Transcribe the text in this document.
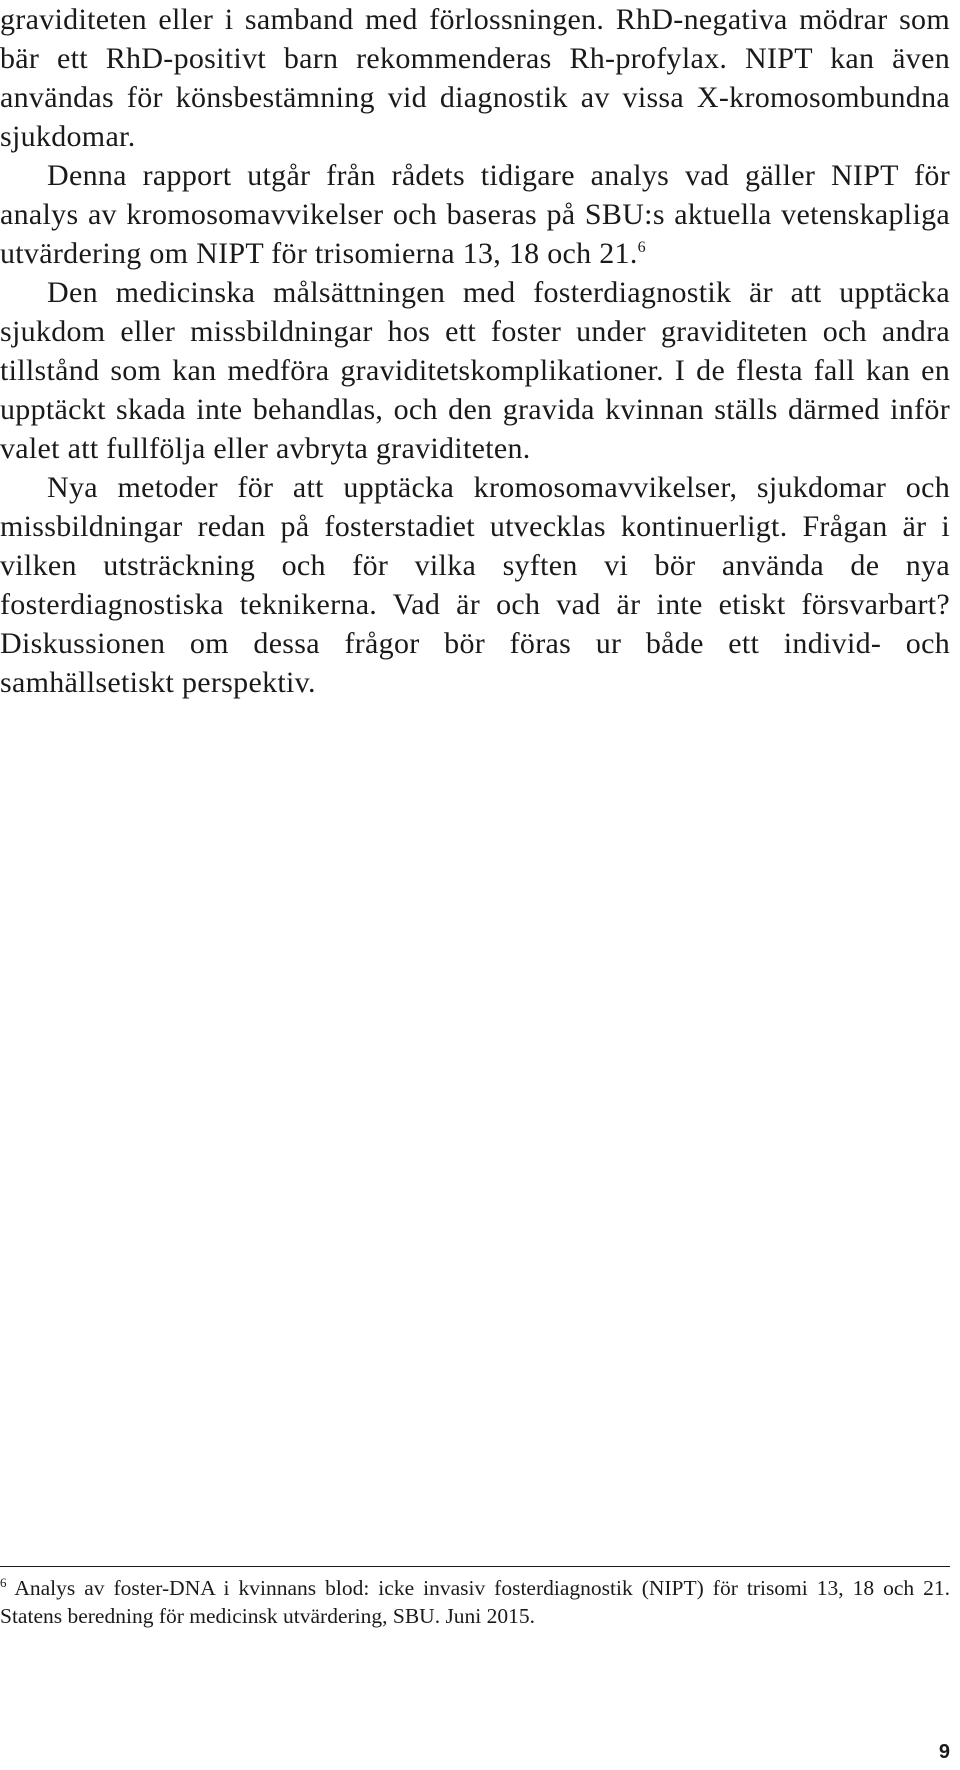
graviditeten eller i samband med förlossningen. RhD-negativa mödrar som bär ett RhD-positivt barn rekommenderas Rh-profylax. NIPT kan även användas för könsbestämning vid diagnostik av vissa X-kromosombundna sjukdomar.

Denna rapport utgår från rådets tidigare analys vad gäller NIPT för analys av kromosomavvikelser och baseras på SBU:s aktuella vetenskapliga utvärdering om NIPT för trisomierna 13, 18 och 21.$^6$

Den medicinska målsättningen med fosterdiagnostik är att upptäcka sjukdom eller missbildningar hos ett foster under graviditeten och andra tillstånd som kan medföra graviditetskomplikationer. I de flesta fall kan en upptäckt skada inte behandlas, och den gravida kvinnan ställs därmed inför valet att fullfölja eller avbryta graviditeten.

Nya metoder för att upptäcka kromosomavvikelser, sjukdomar och missbildningar redan på fosterstadiet utvecklas kontinuerligt. Frågan är i vilken utsträckning och för vilka syften vi bör använda de nya fosterdiagnostiska teknikerna. Vad är och vad är inte etiskt försvarbart? Diskussionen om dessa frågor bör föras ur både ett individ- och samhällsetiskt perspektiv.

$^6$ Analys av foster-DNA i kvinnans blod: icke invasiv fosterdiagnostik (NIPT) för trisomi 13, 18 och 21. Statens beredning för medicinsk utvärdering, SBU. Juni 2015.
9
